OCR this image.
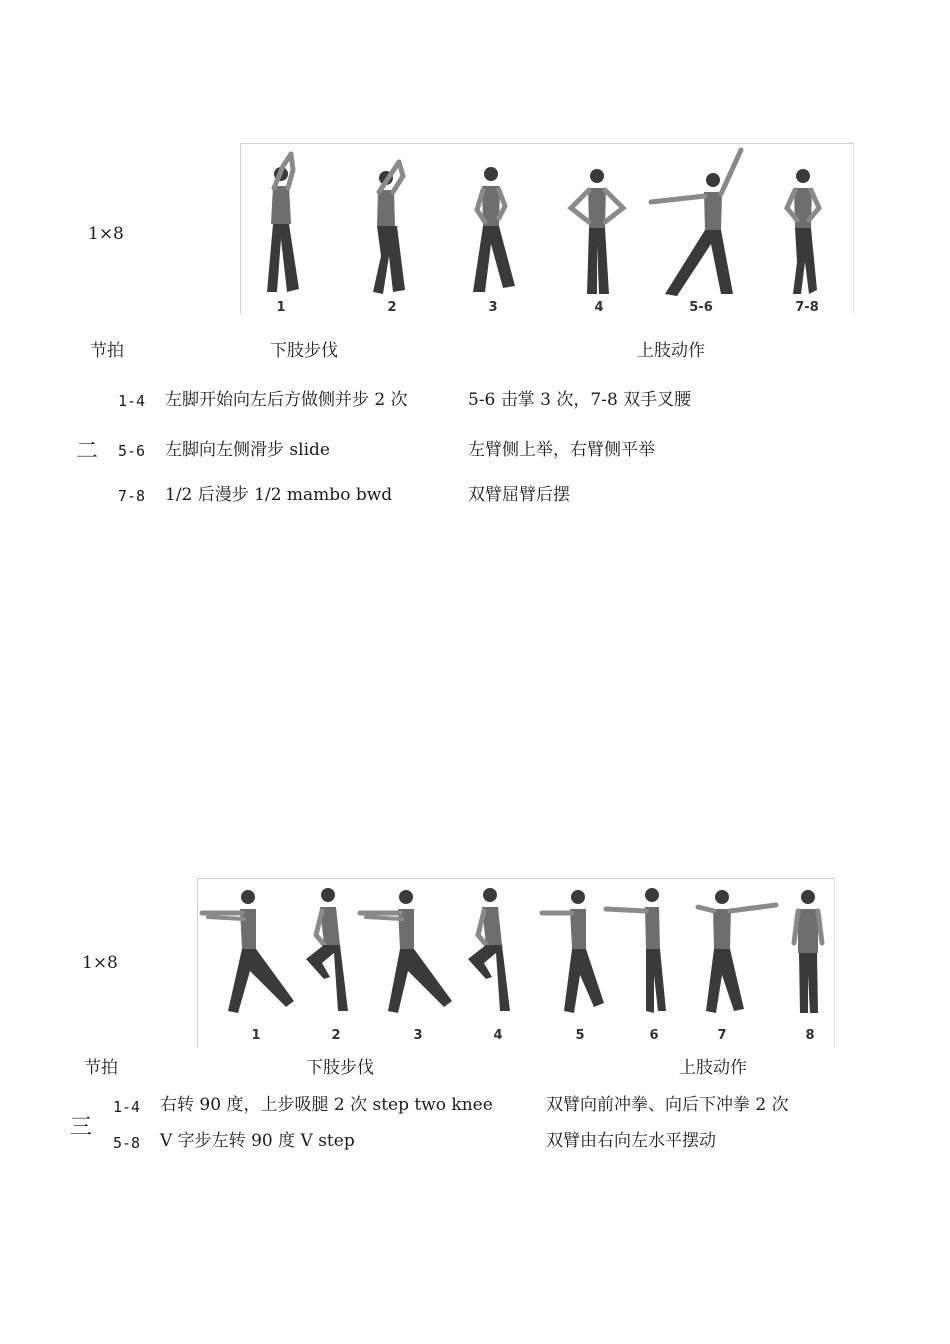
1×8
1	2	3	4	5-6	7-8
节拍	下肢步伐	上肢动作
二
1-4 左脚开始向左后方做侧并步 2 次	5-6 击掌 3 次，7-8 双手叉腰
5-6 左脚向左侧滑步 slide	左臂侧上举，右臂侧平举
7-8 1/2 后漫步 1/2 mambo bwd	双臂屈臂后摆
1×8
1	2	3	4	5	6	7	8
节拍	下肢步伐	上肢动作
三
1-4 右转 90 度，上步吸腿 2 次 step two knee	双臂向前冲拳、向后下冲拳 2 次
5-8 V 字步左转 90 度 V step	双臂由右向左水平摆动
